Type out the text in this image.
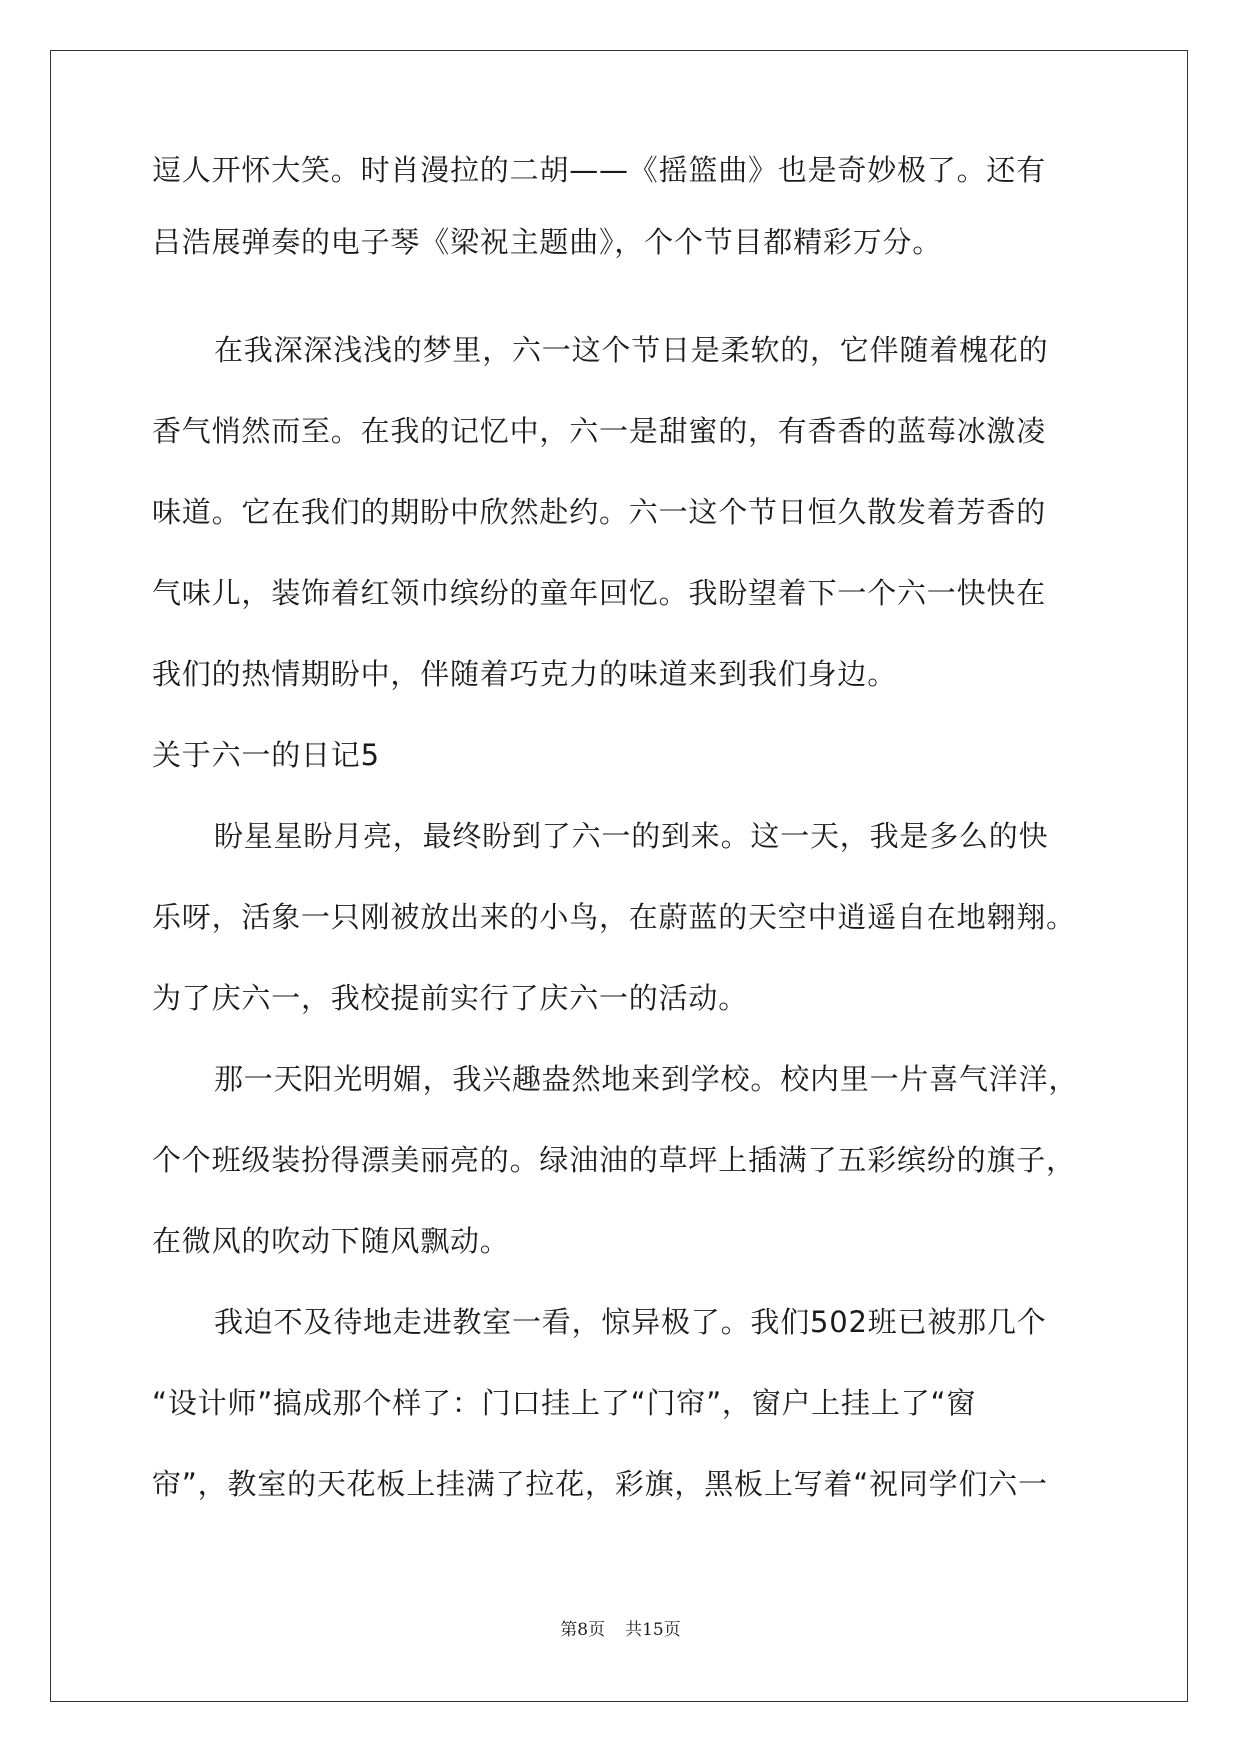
逗人开怀大笑。时肖漫拉的二胡——《摇篮曲》也是奇妙极了。还有
吕浩展弹奏的电子琴《梁祝主题曲》，个个节目都精彩万分。
在我深深浅浅的梦里，六一这个节日是柔软的，它伴随着槐花的
香气悄然而至。在我的记忆中，六一是甜蜜的，有香香的蓝莓冰激凌
味道。它在我们的期盼中欣然赴约。六一这个节日恒久散发着芳香的
气味儿，装饰着红领巾缤纷的童年回忆。我盼望着下一个六一快快在
我们的热情期盼中，伴随着巧克力的味道来到我们身边。
关于六一的日记5
盼星星盼月亮，最终盼到了六一的到来。这一天，我是多么的快
乐呀，活象一只刚被放出来的小鸟，在蔚蓝的天空中逍遥自在地翱翔。
为了庆六一，我校提前实行了庆六一的活动。
那一天阳光明媚，我兴趣盎然地来到学校。校内里一片喜气洋洋，
个个班级装扮得漂美丽亮的。绿油油的草坪上插满了五彩缤纷的旗子，
在微风的吹动下随风飘动。
我迫不及待地走进教室一看，惊异极了。我们502班已被那几个
“设计师”搞成那个样了：门口挂上了“门帘”，窗户上挂上了“窗
帘”，教室的天花板上挂满了拉花，彩旗，黑板上写着“祝同学们六一
第8页 共15页
